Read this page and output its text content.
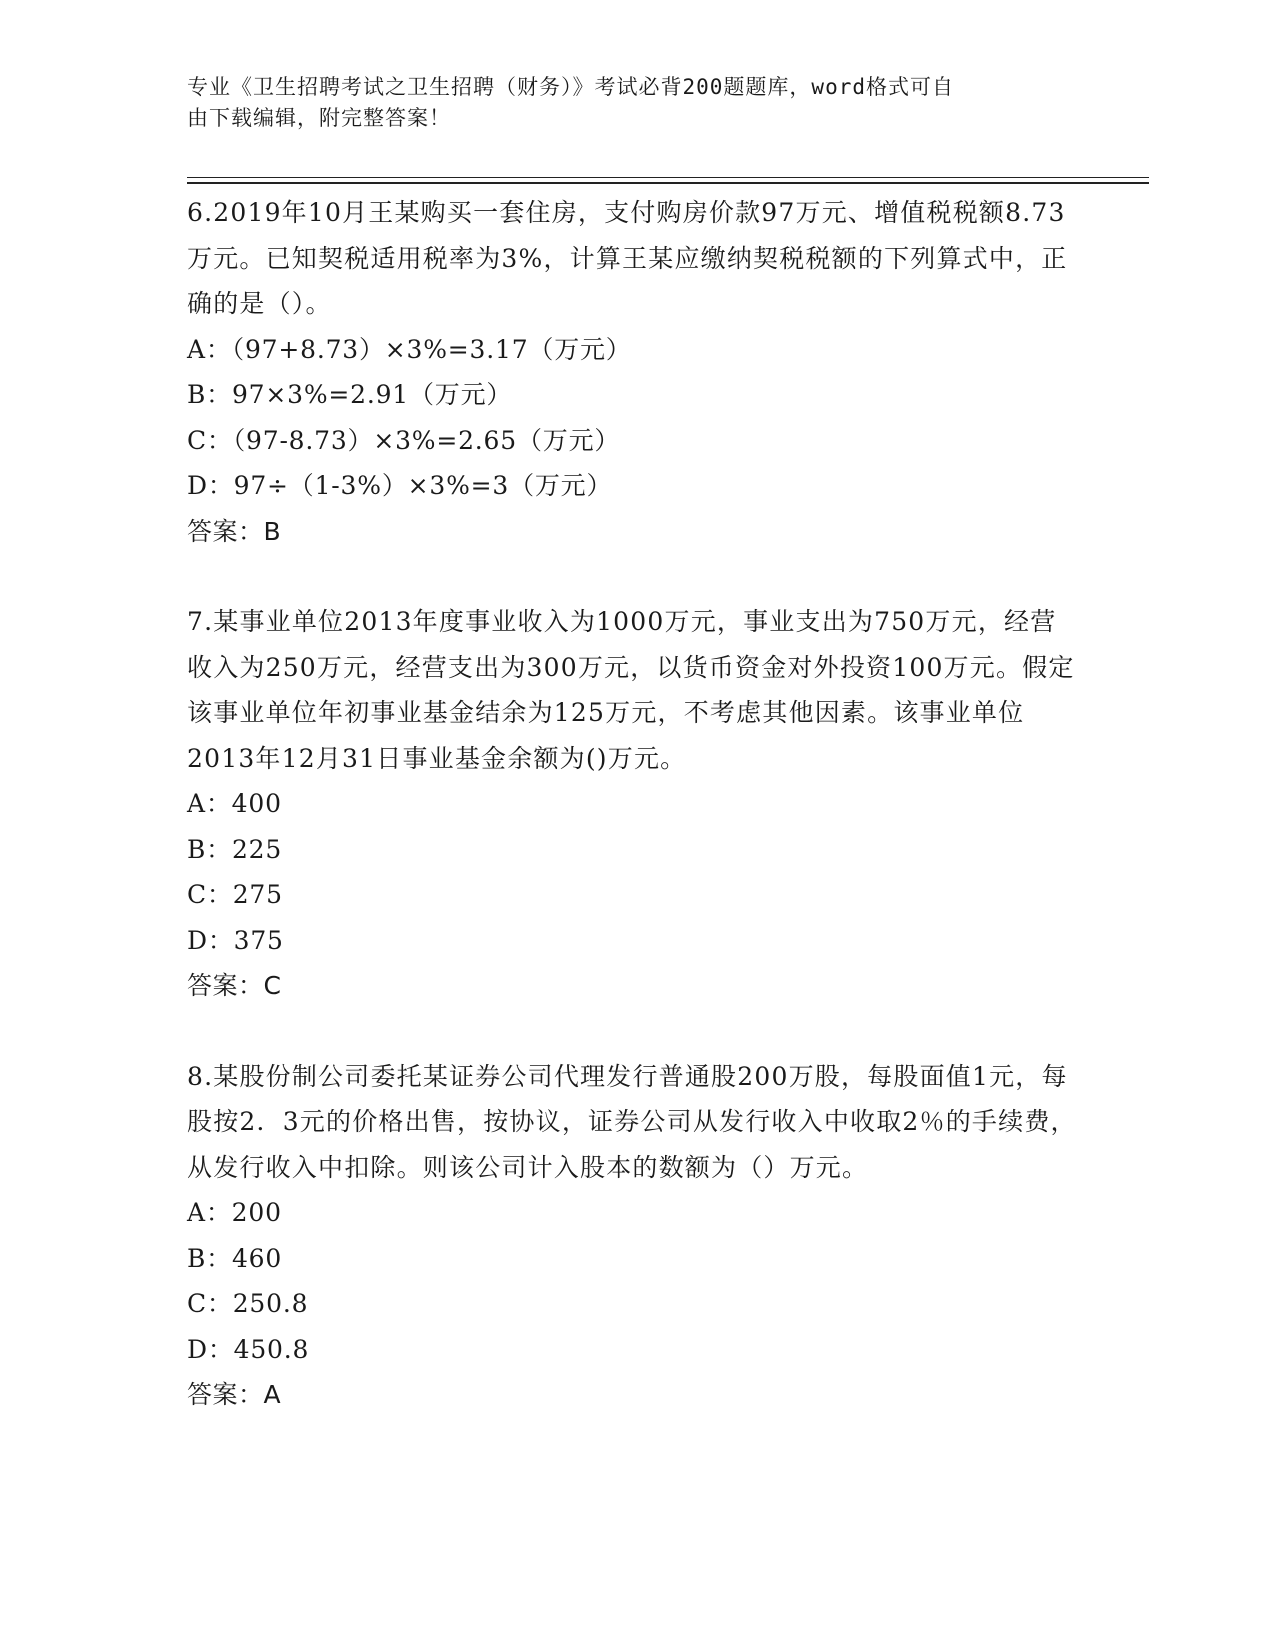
专业《卫生招聘考试之卫生招聘（财务）》考试必背200题题库，word格式可自
由下载编辑，附完整答案！

6.2019年10月王某购买一套住房，支付购房价款97万元、增值税税额8.73万元。已知契税适用税率为3%，计算王某应缴纳契税税额的下列算式中，正确的是（）。

A：（97+8.73）×3%=3.17（万元）

B：97×3%=2.91（万元）

C：（97-8.73）×3%=2.65（万元）

D：97÷（1-3%）×3%=3（万元）

答案：B

7.某事业单位2013年度事业收入为1000万元，事业支出为750万元，经营收入为250万元，经营支出为300万元，以货币资金对外投资100万元。假定该事业单位年初事业基金结余为125万元，不考虑其他因素。该事业单位2013年12月31日事业基金余额为()万元。

A：400

B：225

C：275

D：375

答案：C

8.某股份制公司委托某证券公司代理发行普通股200万股，每股面值1元，每股按2．3元的价格出售，按协议，证券公司从发行收入中收取2％的手续费，从发行收入中扣除。则该公司计入股本的数额为（）万元。

A：200

B：460

C：250.8

D：450.8

答案：A
